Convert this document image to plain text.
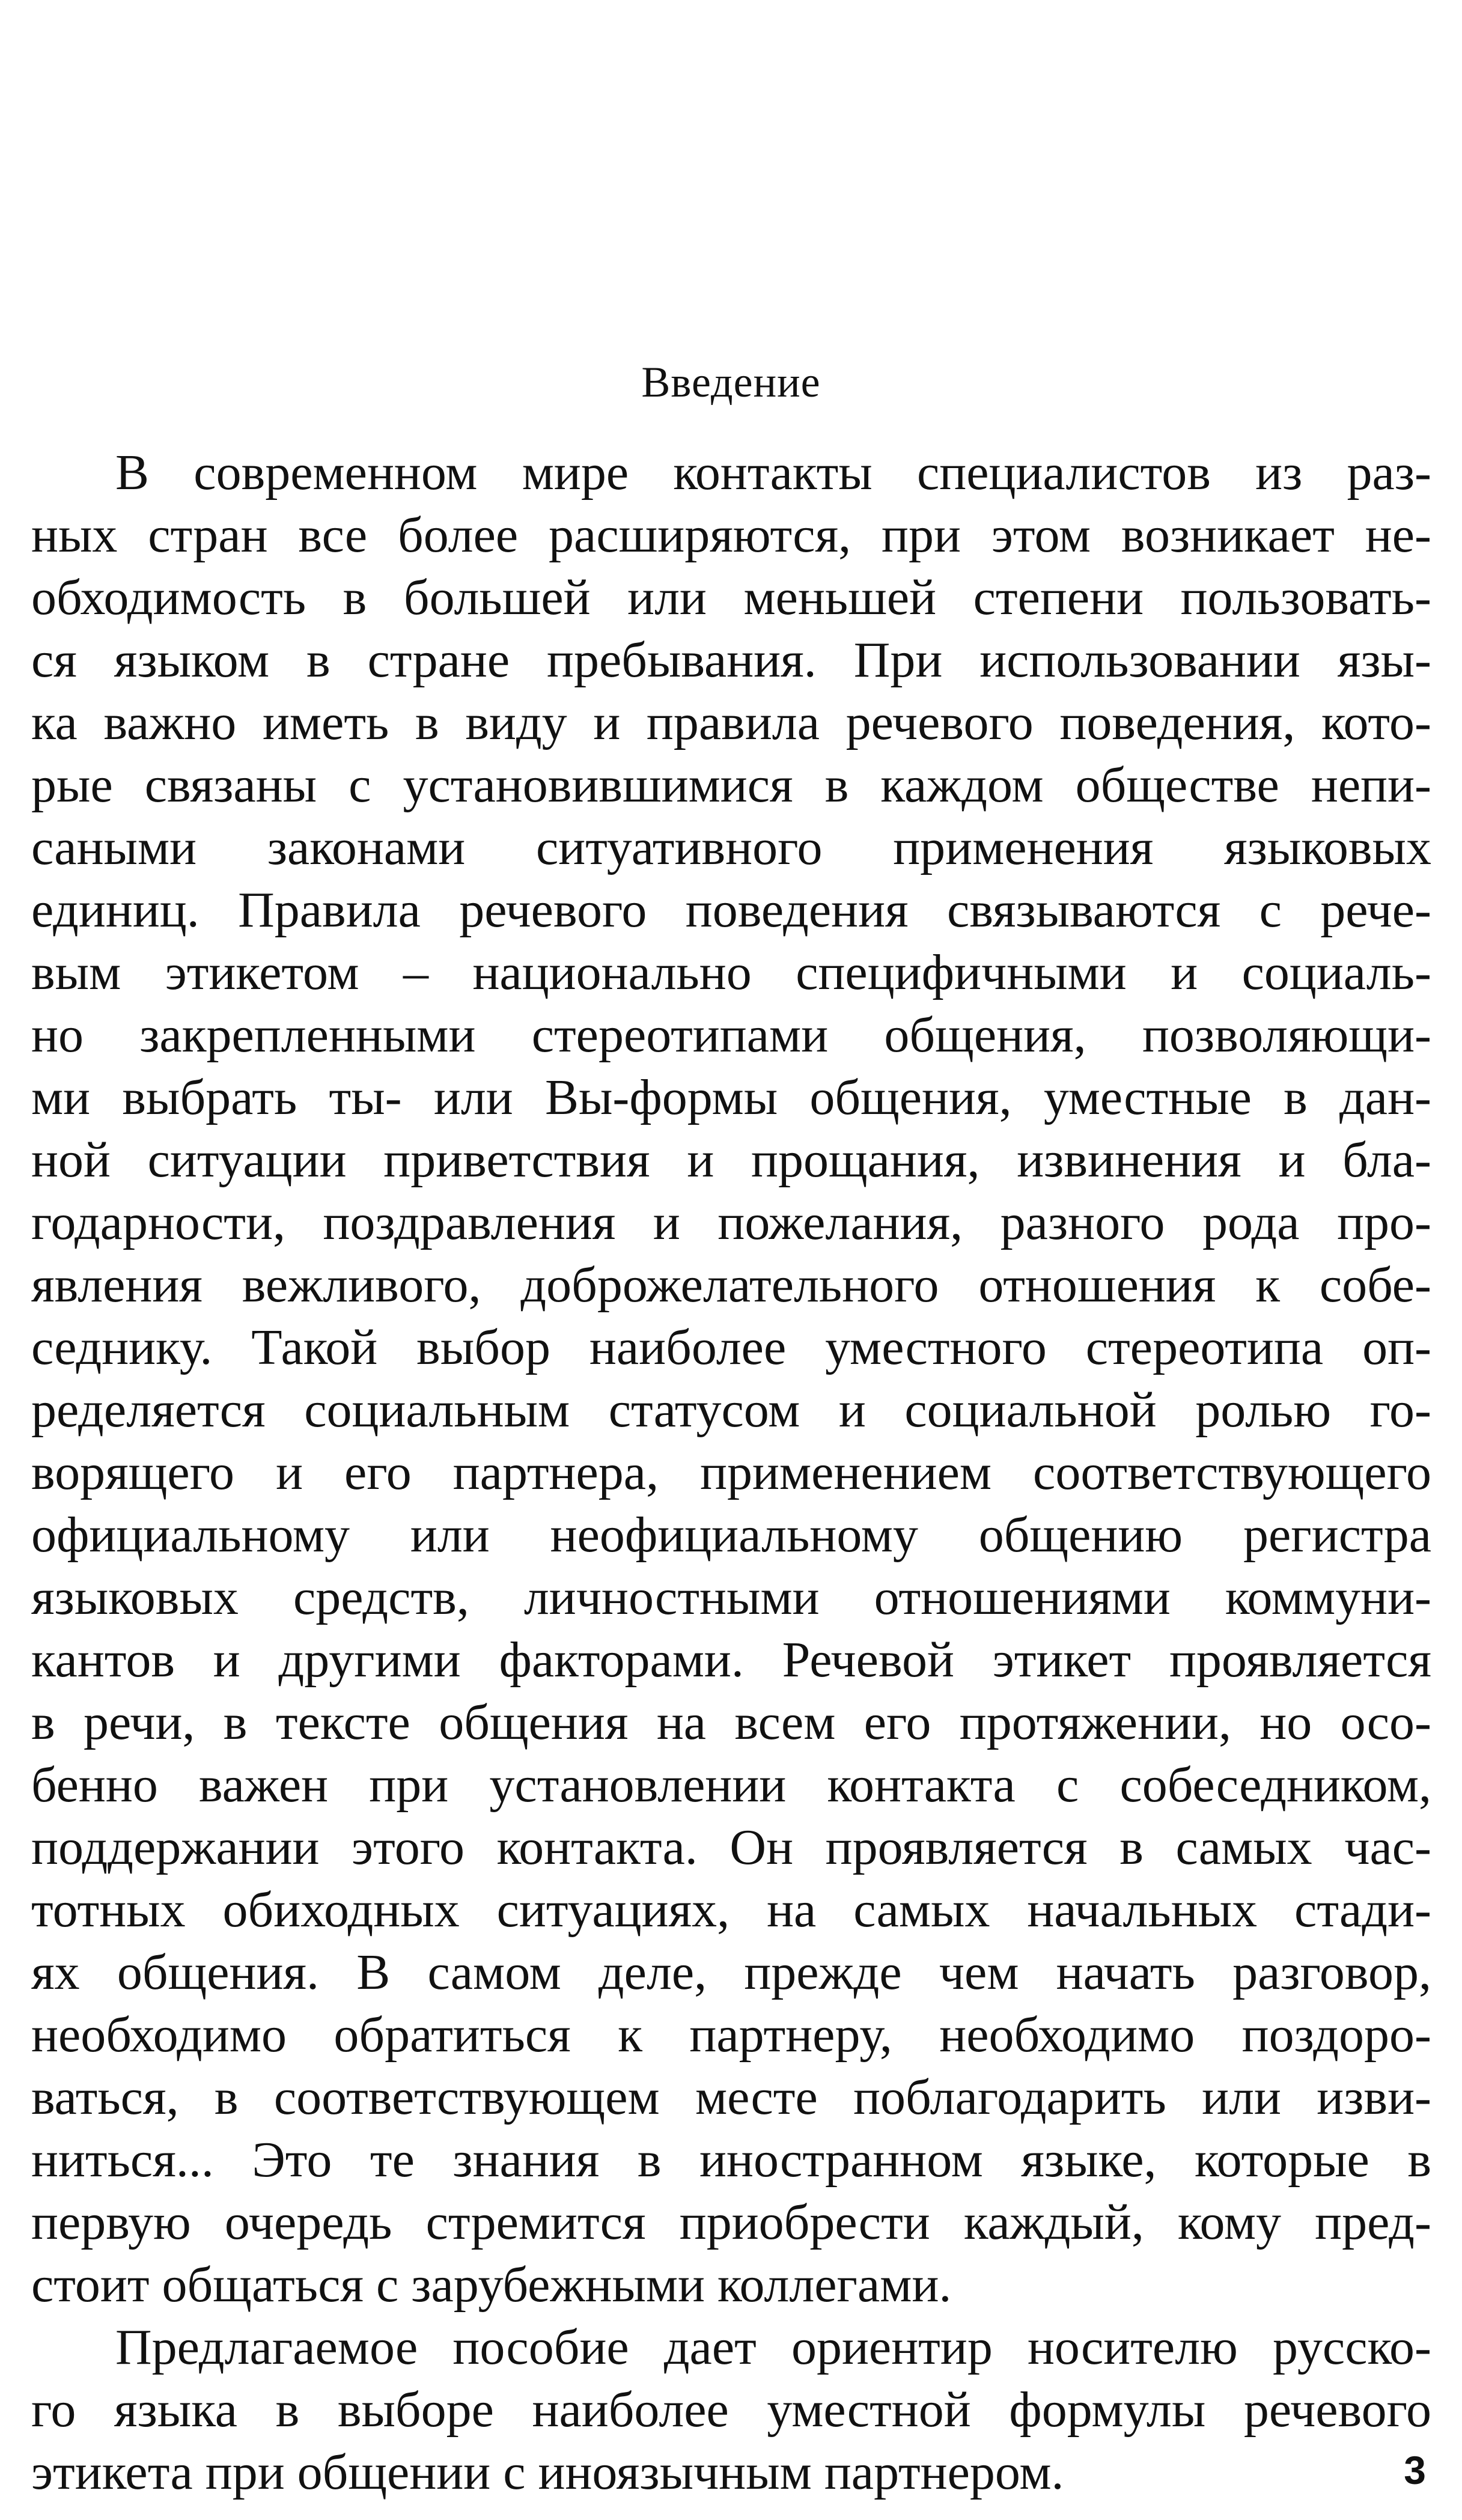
Введение
В современном мире контакты специалистов из раз-
ных стран все более расширяются, при этом возникает не-
обходимость в большей или меньшей степени пользовать-
ся языком в стране пребывания. При использовании язы-
ка важно иметь в виду и правила речевого поведения, кото-
рые связаны с установившимися в каждом обществе непи-
саными законами ситуативного применения языковых
единиц. Правила речевого поведения связываются с рече-
вым этикетом – национально специфичными и социаль-
но закрепленными стереотипами общения, позволяющи-
ми выбрать ты- или Вы-формы общения, уместные в дан-
ной ситуации приветствия и прощания, извинения и бла-
годарности, поздравления и пожелания, разного рода про-
явления вежливого, доброжелательного отношения к собе-
седнику. Такой выбор наиболее уместного стереотипа оп-
ределяется социальным статусом и социальной ролью го-
ворящего и его партнера, применением соответствующего
официальному или неофициальному общению регистра
языковых средств, личностными отношениями коммуни-
кантов и другими факторами. Речевой этикет проявляется
в речи, в тексте общения на всем его протяжении, но осо-
бенно важен при установлении контакта с собеседником,
поддержании этого контакта. Он проявляется в самых час-
тотных обиходных ситуациях, на самых начальных стади-
ях общения. В самом деле, прежде чем начать разговор,
необходимо обратиться к партнеру, необходимо поздоро-
ваться, в соответствующем месте поблагодарить или изви-
ниться... Это те знания в иностранном языке, которые в
первую очередь стремится приобрести каждый, кому пред-
стоит общаться с зарубежными коллегами.
Предлагаемое пособие дает ориентир носителю русско-
го языка в выборе наиболее уместной формулы речевого
этикета при общении с иноязычным партнером.	3
